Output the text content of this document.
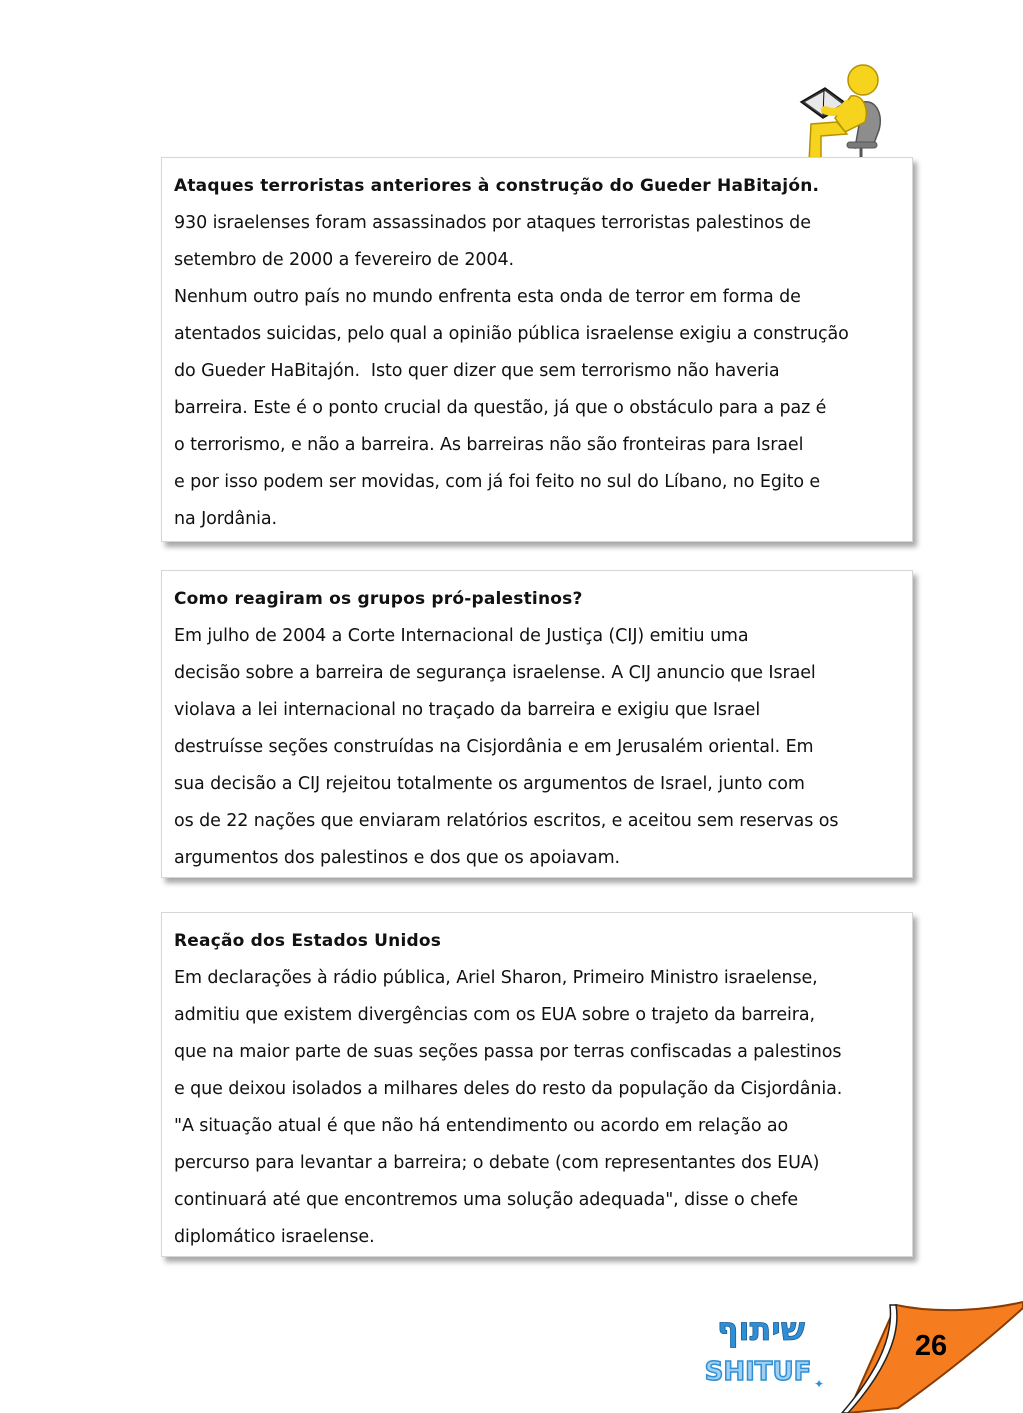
Ataques terroristas anteriores à construção do Gueder HaBitajón.

930 israelenses foram assassinados por ataques terroristas palestinos de

setembro de 2000 a fevereiro de 2004.

Nenhum outro país no mundo enfrenta esta onda de terror em forma de

atentados suicidas, pelo qual a opinião pública israelense exigiu a construção

do Gueder HaBitajón.  Isto quer dizer que sem terrorismo não haveria

barreira. Este é o ponto crucial da questão, já que o obstáculo para a paz é

o terrorismo, e não a barreira. As barreiras não são fronteiras para Israel

e por isso podem ser movidas, com já foi feito no sul do Líbano, no Egito e

na Jordânia.

Como reagiram os grupos pró-palestinos?

Em julho de 2004 a Corte Internacional de Justiça (CIJ) emitiu uma

decisão sobre a barreira de segurança israelense. A CIJ anuncio que Israel

violava a lei internacional no traçado da barreira e exigiu que Israel

destruísse seções construídas na Cisjordânia e em Jerusalém oriental. Em

sua decisão a CIJ rejeitou totalmente os argumentos de Israel, junto com

os de 22 nações que enviaram relatórios escritos, e aceitou sem reservas os

argumentos dos palestinos e dos que os apoiavam.

Reação dos Estados Unidos

Em declarações à rádio pública, Ariel Sharon, Primeiro Ministro israelense,

admitiu que existem divergências com os EUA sobre o trajeto da barreira,

que na maior parte de suas seções passa por terras confiscadas a palestinos

e que deixou isolados a milhares deles do resto da população da Cisjordânia.

"A situação atual é que não há entendimento ou acordo em relação ao

percurso para levantar a barreira; o debate (com representantes dos EUA)

continuará até que encontremos uma solução adequada", disse o chefe

diplomático israelense.

שיתוף
SHITUF ✦
26
